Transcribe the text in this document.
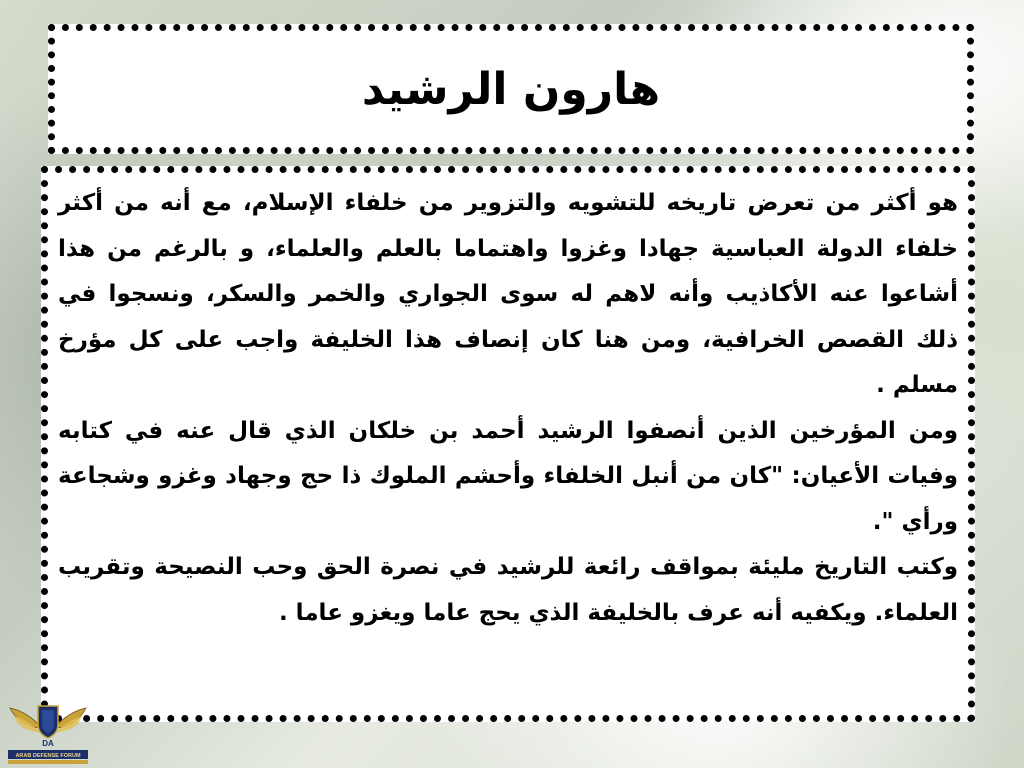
هارون الرشيد
هو أكثر من تعرض تاريخه للتشويه والتزوير من خلفاء الإسلام، مع أنه من أكثر خلفاء الدولة العباسية جهادا وغزوا واهتماما بالعلم والعلماء، و بالرغم من هذا أشاعوا عنه الأكاذيب وأنه لاهم له سوى الجواري والخمر والسكر، ونسجوا في ذلك القصص الخرافية، ومن هنا كان إنصاف هذا الخليفة واجب على كل مؤرخ مسلم .
ومن المؤرخين الذين أنصفوا الرشيد أحمد بن خلكان الذي قال عنه في كتابه وفيات الأعيان: "كان من أنبل الخلفاء وأحشم الملوك ذا حج وجهاد وغزو وشجاعة ورأي ".
وكتب التاريخ مليئة بمواقف رائعة للرشيد في نصرة الحق وحب النصيحة وتقريب العلماء. ويكفيه أنه عرف بالخليفة الذي يحج عاما ويغزو عاما .
DA
ARAB DEFENSE FORUM
